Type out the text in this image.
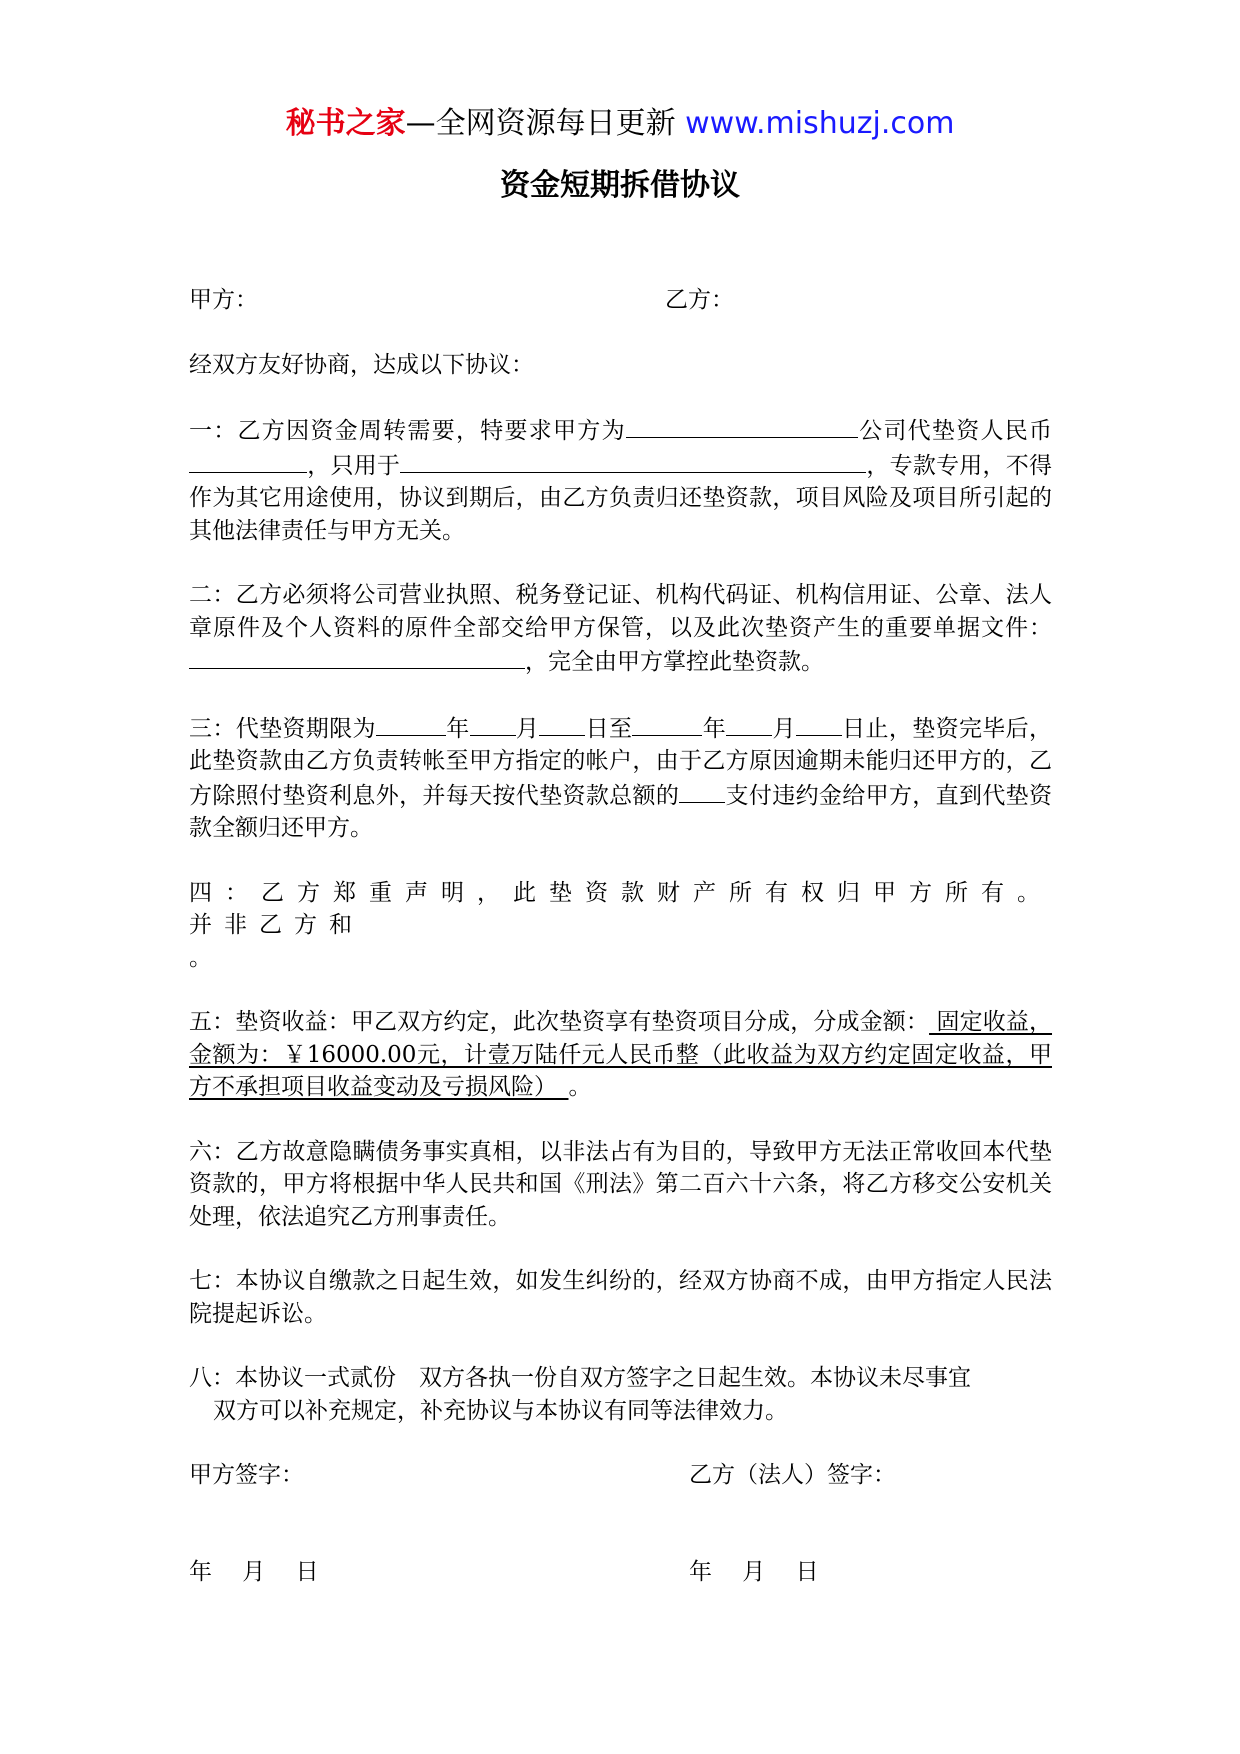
秘书之家—全网资源每日更新 www.mishuzj.com
资金短期拆借协议
甲方：	乙方：

经双方友好协商，达成以下协议：

一：乙方因资金周转需要，特要求甲方为	公司代垫资人民币，只用于	，专款专用，不得作为其它用途使用，协议到期后，由乙方负责归还垫资款，项目风险及项目所引起的其他法律责任与甲方无关。

二：乙方必须将公司营业执照、税务登记证、机构代码证、机构信用证、公章、法人章原件及个人资料的原件全部交给甲方保管，以及此次垫资产生的重要单据文件：，完全由甲方掌控此垫资款。

三：代垫资期限为	年 月 日至	年 月 日止，垫资完毕后，此垫资款由乙方负责转帐至甲方指定的帐户，由于乙方原因逾期未能归还甲方的，乙方除照付垫资利息外，并每天按代垫资款总额的 支付违约金给甲方，直到代垫资款全额归还甲方。

四：乙方郑重声明，此垫资款财产所有权归甲方所有。并非乙方和
。

五：垫资收益：甲乙双方约定，此次垫资享有垫资项目分成，分成金额： 固定收益，金额为：￥16000.00元，计壹万陆仟元人民币整（此收益为双方约定固定收益，甲方不承担项目收益变动及亏损风险）　 。

六：乙方故意隐瞒债务事实真相，以非法占有为目的，导致甲方无法正常收回本代垫资款的，甲方将根据中华人民共和国《刑法》第二百六十六条，将乙方移交公安机关处理，依法追究乙方刑事责任。

七：本协议自缴款之日起生效，如发生纠纷的，经双方协商不成，由甲方指定人民法院提起诉讼。

八：本协议一式贰份　双方各执一份自双方签字之日起生效。本协议未尽事宜
双方可以补充规定，补充协议与本协议有同等法律效力。

甲方签字：	乙方（法人）签字：
年　 月　 日	年　 月　 日
